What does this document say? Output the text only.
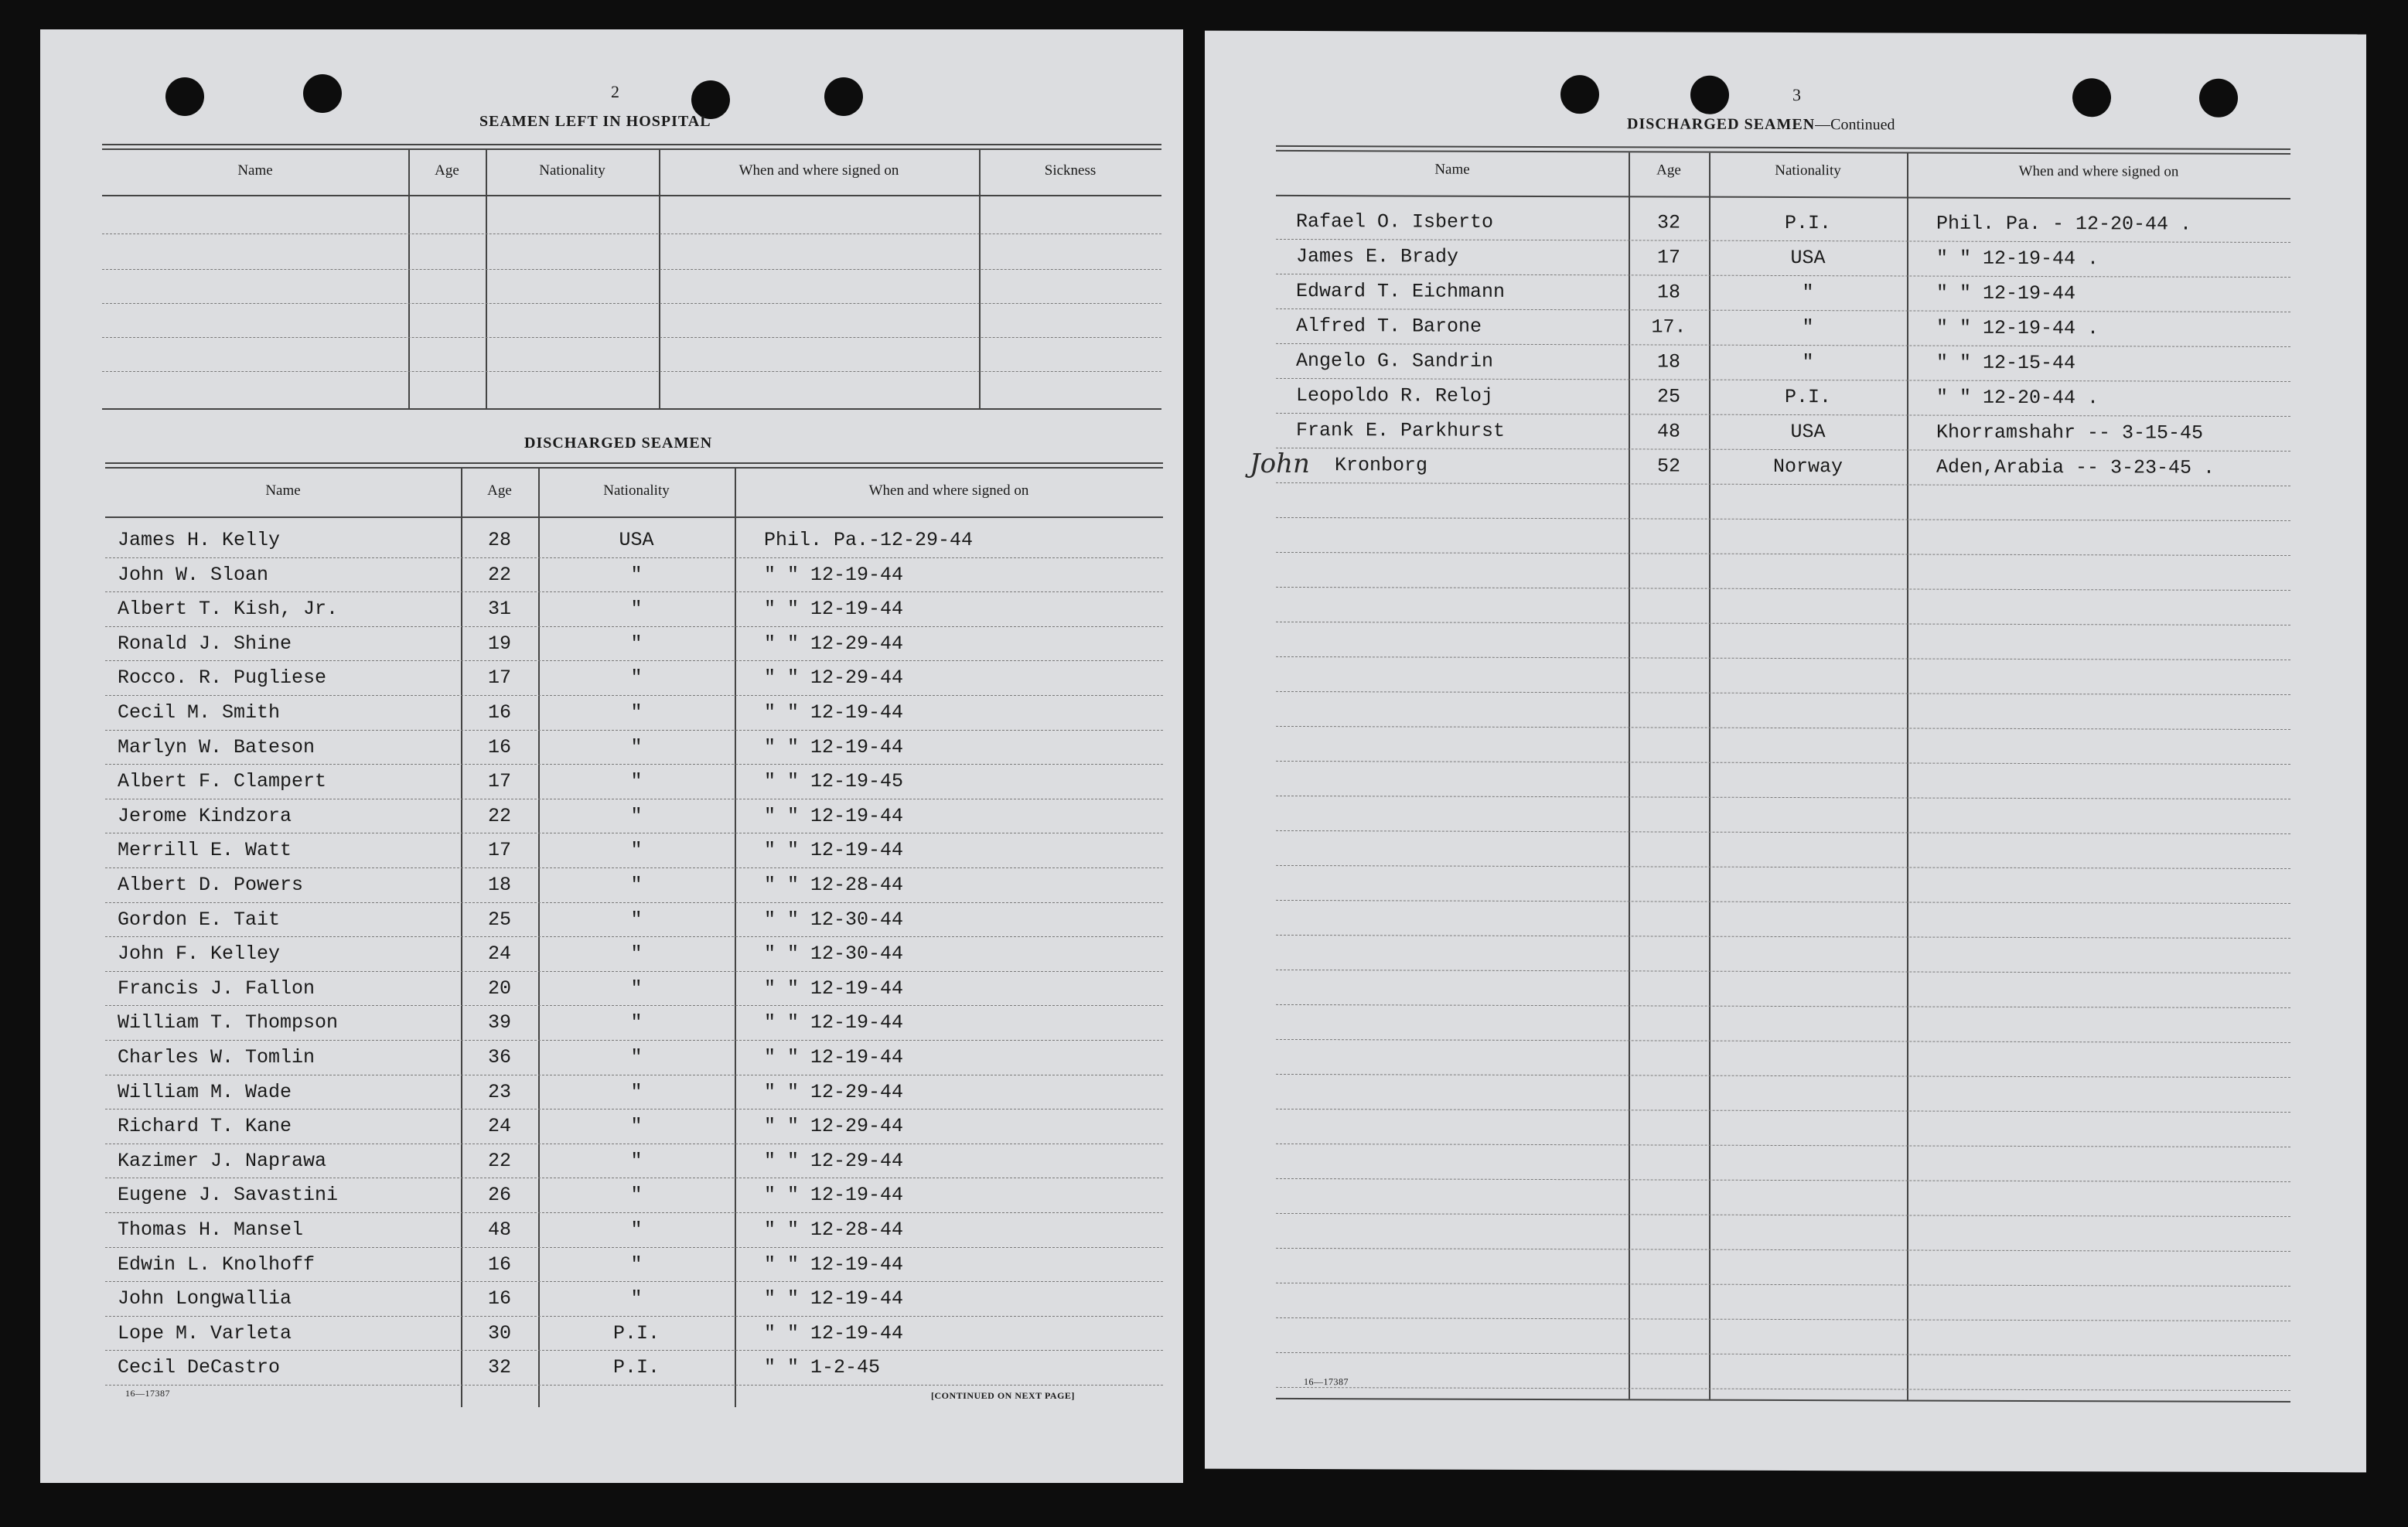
2
SEAMEN LEFT IN HOSPITAL
Name	Age	Nationality	When and where signed on	Sickness
DISCHARGED SEAMEN
Name	Age	Nationality	When and where signed on
James H. Kelly	28	USA	Phil. Pa.-12-29-44
John W. Sloan	22	"	" " 12-19-44
Albert T. Kish, Jr.	31	"	" " 12-19-44
Ronald J. Shine	19	"	" " 12-29-44
Rocco. R. Pugliese	17	"	" " 12-29-44
Cecil M. Smith	16	"	" " 12-19-44
Marlyn W. Bateson	16	"	" " 12-19-44
Albert F. Clampert	17	"	" " 12-19-45
Jerome Kindzora	22	"	" " 12-19-44
Merrill E. Watt	17	"	" " 12-19-44
Albert D. Powers	18	"	" " 12-28-44
Gordon E. Tait	25	"	" " 12-30-44
John F. Kelley	24	"	" " 12-30-44
Francis J. Fallon	20	"	" " 12-19-44
William T. Thompson	39	"	" " 12-19-44
Charles W. Tomlin	36	"	" " 12-19-44
William M. Wade	23	"	" " 12-29-44
Richard T. Kane	24	"	" " 12-29-44
Kazimer J. Naprawa	22	"	" " 12-29-44
Eugene J. Savastini	26	"	" " 12-19-44
Thomas H. Mansel	48	"	" " 12-28-44
Edwin L. Knolhoff	16	"	" " 12-19-44
John Longwallia	16	"	" " 12-19-44
Lope M. Varleta	30	P.I.	" " 12-19-44
Cecil DeCastro	32	P.I.	" " 1-2-45
16—17387	[CONTINUED ON NEXT PAGE]
3
DISCHARGED SEAMEN—Continued
Name	Age	Nationality	When and where signed on
Rafael O. Isberto	32	P.I.	Phil. Pa. - 12-20-44 .
James E. Brady	17	USA	" " 12-19-44 .
Edward T. Eichmann	18	"	" " 12-19-44
Alfred T. Barone	17.	"	" " 12-19-44 .
Angelo G. Sandrin	18	"	" " 12-15-44
Leopoldo R. Reloj	25	P.I.	" " 12-20-44 .
Frank E. Parkhurst	48	USA	Khorramshahr -- 3-15-45
Kronborg	52	Norway	Aden,Arabia -- 3-23-45 .
John
16—17387
